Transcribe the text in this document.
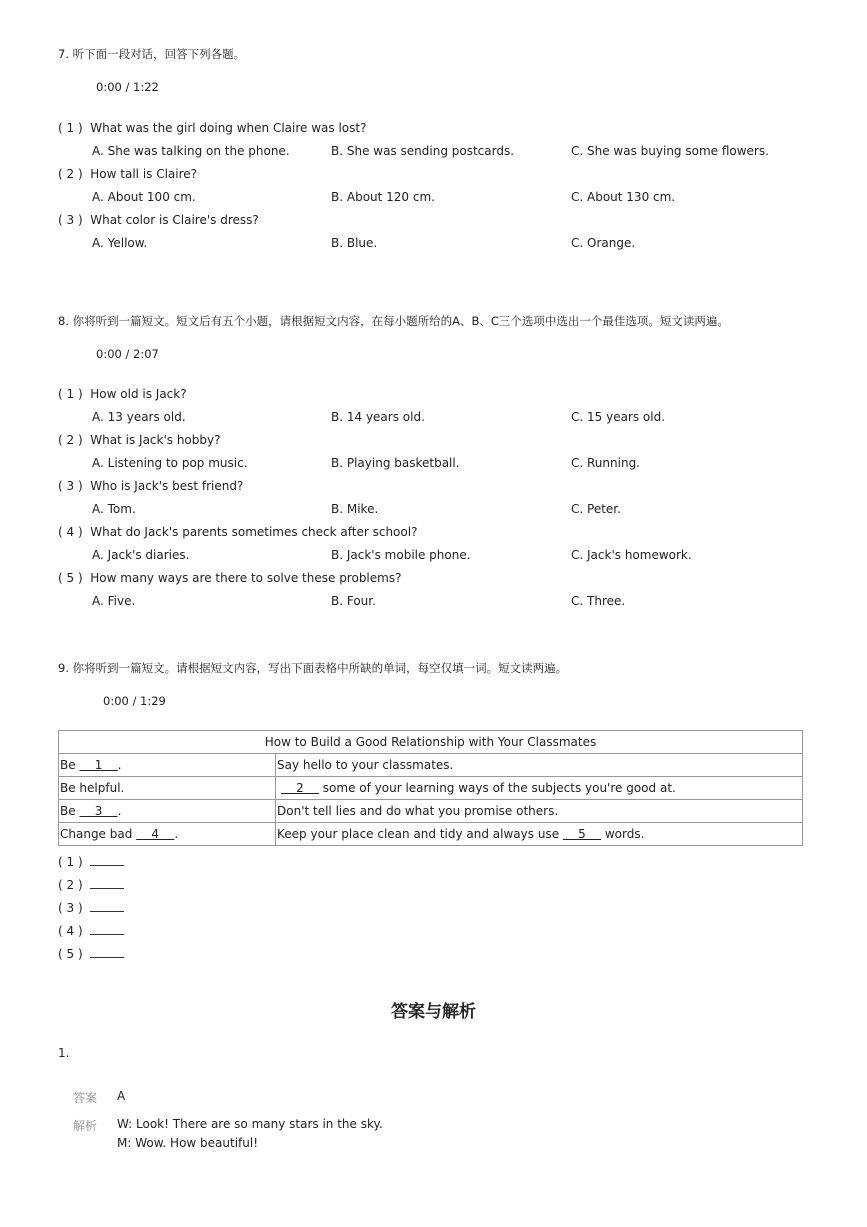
7. 听下面一段对话，回答下列各题。
0:00 / 1:22
( 1 ) What was the girl doing when Claire was lost?
A. She was talking on the phone.	B. She was sending postcards.	C. She was buying some flowers.
( 2 ) How tall is Claire?
A. About 100 cm.	B. About 120 cm.	C. About 130 cm.
( 3 ) What color is Claire's dress?
A. Yellow.	B. Blue.	C. Orange.
8. 你将听到一篇短文。短文后有五个小题，请根据短文内容，在每小题所给的A、B、C三个选项中选出一个最佳选项。短文读两遍。
0:00 / 2:07
( 1 ) How old is Jack?
A. 13 years old.	B. 14 years old.	C. 15 years old.
( 2 ) What is Jack's hobby?
A. Listening to pop music.	B. Playing basketball.	C. Running.
( 3 ) Who is Jack's best friend?
A. Tom.	B. Mike.	C. Peter.
( 4 ) What do Jack's parents sometimes check after school?
A. Jack's diaries.	B. Jack's mobile phone.	C. Jack's homework.
( 5 ) How many ways are there to solve these problems?
A. Five.	B. Four.	C. Three.
9. 你将听到一篇短文。请根据短文内容，写出下面表格中所缺的单词，每空仅填一词。短文读两遍。
0:00 / 1:29
How to Build a Good Relationship with Your Classmates	
Be     1    .	Say hello to your classmates.
Be helpful.	2     some of your learning ways of the subjects you're good at.
Be     3    .	Don't tell lies and do what you promise others.
Change bad     4    .	Keep your place clean and tidy and always use     5     words.
( 1 )
( 2 )
( 3 )
( 4 )
( 5 )
答案与解析
1.
答案 A
解析 W: Look! There are so many stars in the sky.
M: Wow. How beautiful!
